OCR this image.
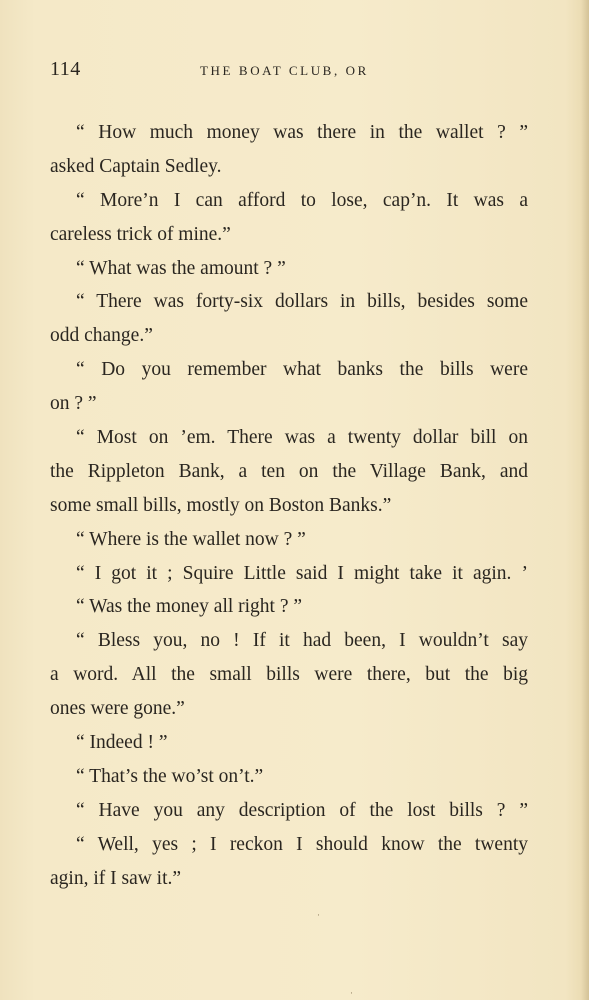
114	THE BOAT CLUB, OR
“ How much money was there in the wallet ? ”
asked Captain Sedley.
“ More’n I can afford to lose, cap’n. It was a
careless trick of mine.”
“ What was the amount ? ”
“ There was forty-six dollars in bills, besides some
odd change.”
“ Do you remember what banks the bills were
on ? ”
“ Most on ’em. There was a twenty dollar bill on
the Rippleton Bank, a ten on the Village Bank, and
some small bills, mostly on Boston Banks.”
“ Where is the wallet now ? ”
“ I got it ; Squire Little said I might take it agin. ’
“ Was the money all right ? ”
“ Bless you, no ! If it had been, I wouldn’t say
a word. All the small bills were there, but the big
ones were gone.”
“ Indeed ! ”
“ That’s the wo’st on’t.”
“ Have you any description of the lost bills ? ”
“ Well, yes ; I reckon I should know the twenty
agin, if I saw it.”
·
·
